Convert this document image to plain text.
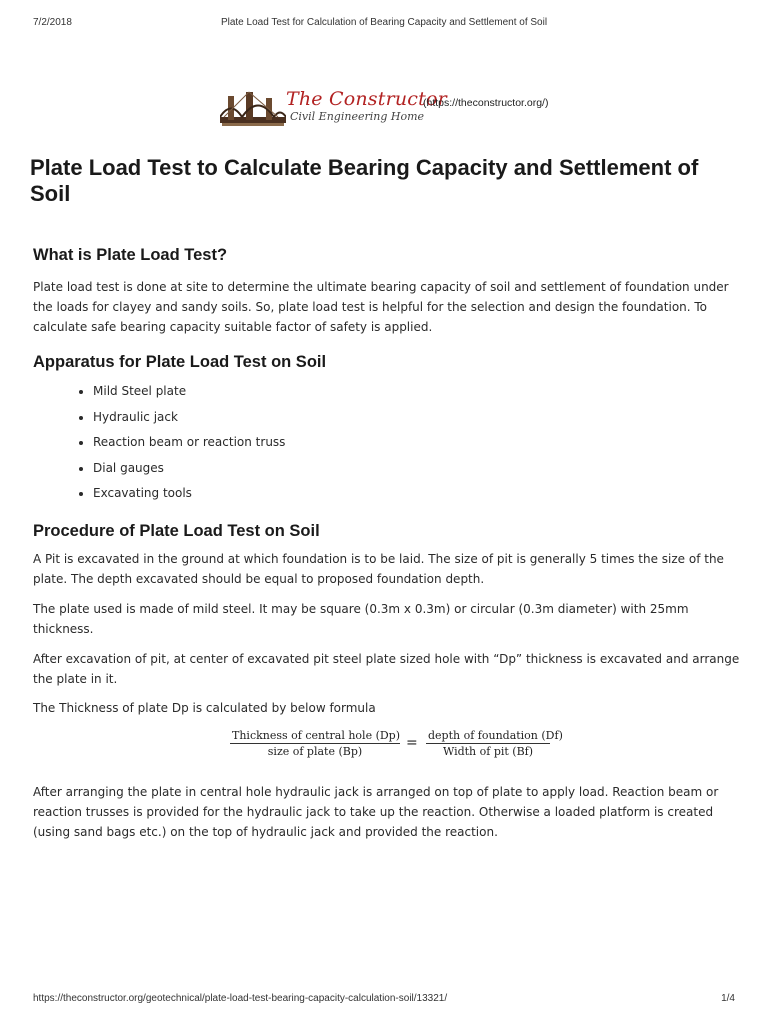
7/2/2018	Plate Load Test for Calculation of Bearing Capacity and Settlement of Soil
The Constructor
Civil Engineering Home
(https://theconstructor.org/)
Plate Load Test to Calculate Bearing Capacity and Settlement of Soil
What is Plate Load Test?

Plate load test is done at site to determine the ultimate bearing capacity of soil and settlement of foundation under the loads for clayey and sandy soils. So, plate load test is helpful for the selection and design the foundation. To calculate safe bearing capacity suitable factor of safety is applied.

Apparatus for Plate Load Test on Soil
• Mild Steel plate
• Hydraulic jack
• Reaction beam or reaction truss
• Dial gauges
• Excavating tools
Procedure of Plate Load Test on Soil

A Pit is excavated in the ground at which foundation is to be laid. The size of pit is generally 5 times the size of the plate. The depth excavated should be equal to proposed foundation depth.

The plate used is made of mild steel. It may be square (0.3m x 0.3m) or circular (0.3m diameter) with 25mm thickness.

After excavation of pit, at center of excavated pit steel plate sized hole with “Dp” thickness is excavated and arrange the plate in it.

The Thickness of plate Dp is calculated by below formula

Thickness of central hole (Dp)
size of plate (Bp)
= depth of foundation (Df)
Width of pit (Bf)

After arranging the plate in central hole hydraulic jack is arranged on top of plate to apply load. Reaction beam or reaction trusses is provided for the hydraulic jack to take up the reaction. Otherwise a loaded platform is created (using sand bags etc.) on the top of hydraulic jack and provided the reaction.

https://theconstructor.org/geotechnical/plate-load-test-bearing-capacity-calculation-soil/13321/	1/4
